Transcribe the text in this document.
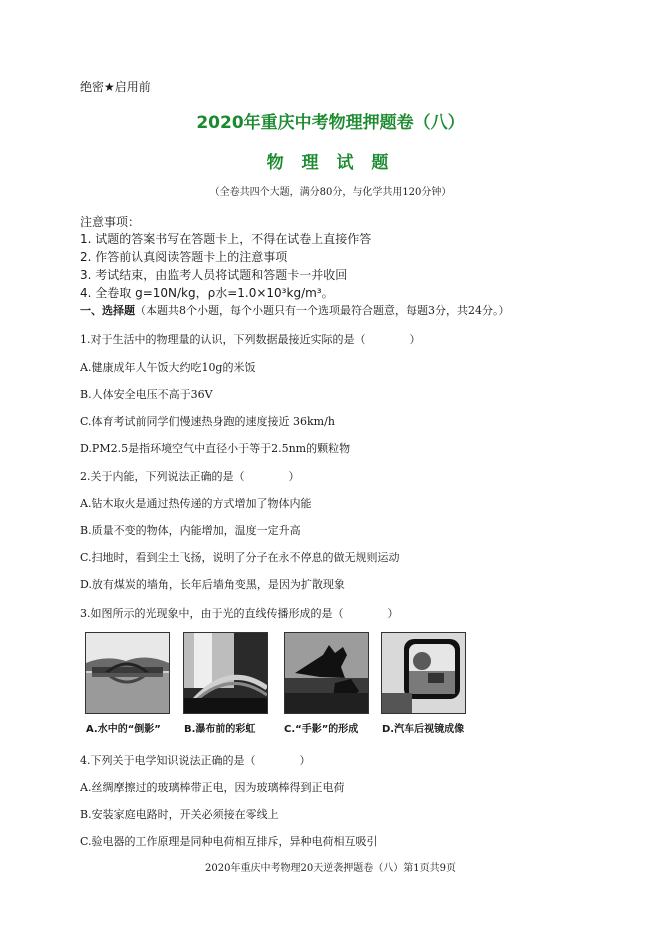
绝密★启用前
2020年重庆中考物理押题卷（八）
物 理 试 题
（全卷共四个大题，满分80分，与化学共用120分钟）
注意事项：
1. 试题的答案书写在答题卡上，不得在试卷上直接作答
2. 作答前认真阅读答题卡上的注意事项
3. 考试结束，由监考人员将试题和答题卡一并收回
4. 全卷取 g=10N/kg，ρ水=1.0×10³kg/m³。
一、选择题（本题共8个小题，每个小题只有一个选项最符合题意，每题3分，共24分。）
1.对于生活中的物理量的认识，下列数据最接近实际的是（　　　　）
A.健康成年人午饭大约吃10g的米饭
B.人体安全电压不高于36V
C.体育考试前同学们慢速热身跑的速度接近 36km/h
D.PM2.5是指环境空气中直径小于等于2.5nm的颗粒物
2.关于内能，下列说法正确的是（　　　　）
A.钻木取火是通过热传递的方式增加了物体内能
B.质量不变的物体，内能增加，温度一定升高
C.扫地时，看到尘土飞扬，说明了分子在永不停息的做无规则运动
D.放有煤炭的墙角，长年后墙角变黑，是因为扩散现象
3.如图所示的光现象中，由于光的直线传播形成的是（　　　　）
A.水中的“倒影” B.瀑布前的彩虹	C.“手影”的形成 D.汽车后视镜成像
4.下列关于电学知识说法正确的是（　　　　）
A.丝绸摩擦过的玻璃棒带正电，因为玻璃棒得到正电荷
B.安装家庭电路时，开关必须接在零线上
C.验电器的工作原理是同种电荷相互排斥，异种电荷相互吸引
2020年重庆中考物理20天逆袭押题卷（八）第1页共9页
